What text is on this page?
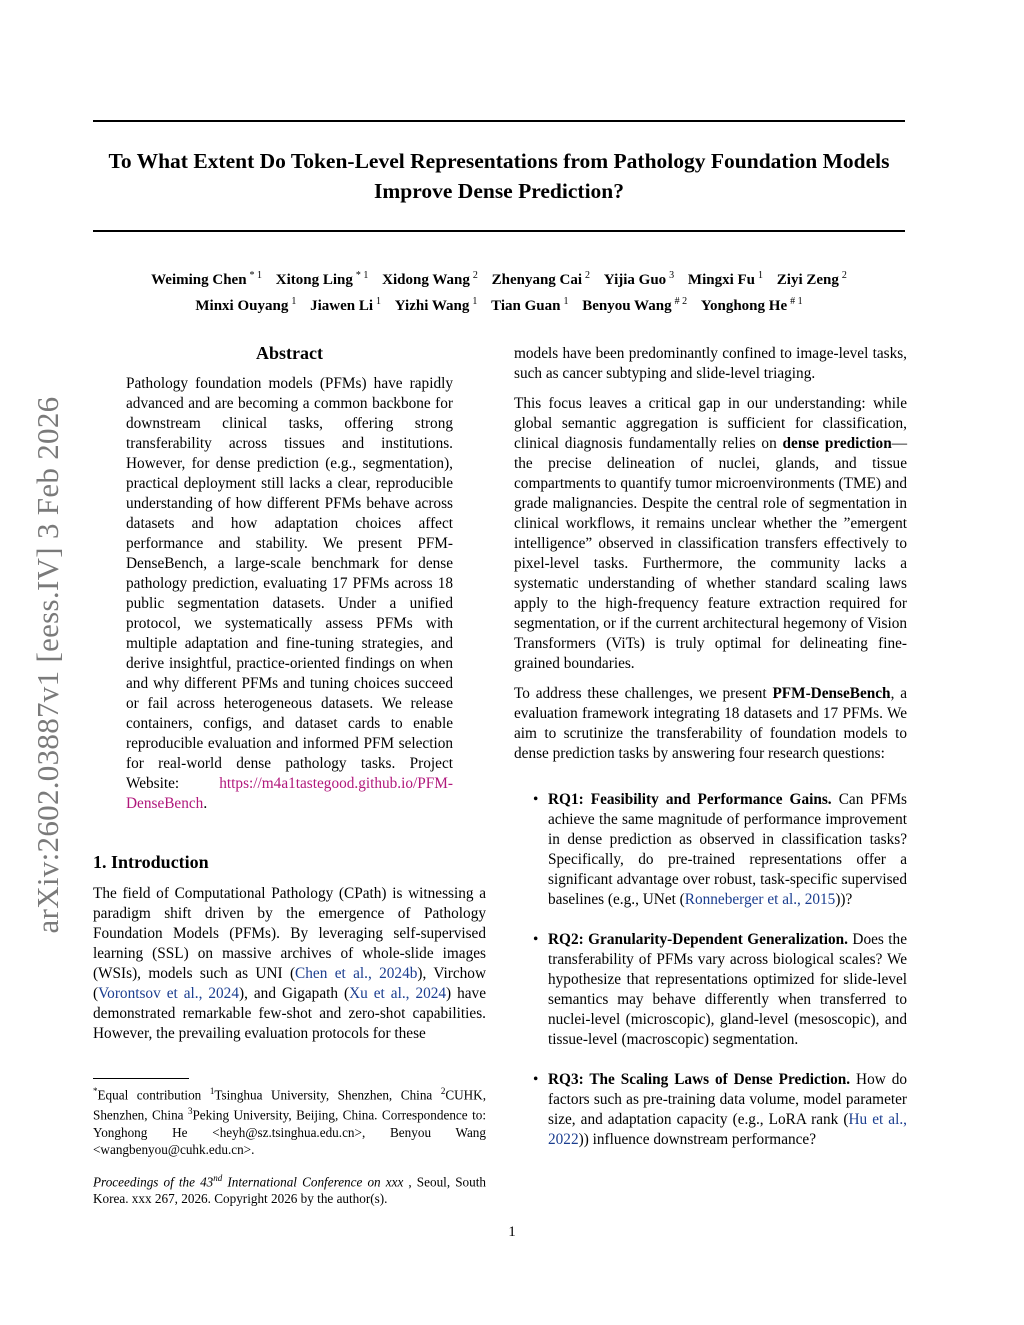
To What Extent Do Token-Level Representations from Pathology Foundation Models Improve Dense Prediction?
Weiming Chen $^{* 1}$ Xitong Ling $^{* 1}$ Xidong Wang $^2$ Zhenyang Cai $^2$ Yijia Guo $^3$ Mingxi Fu $^1$ Ziyi Zeng $^2$
Minxi Ouyang $^1$ Jiawen Li $^1$ Yizhi Wang $^1$ Tian Guan $^1$ Benyou Wang $^{\# 2}$ Yonghong He $^{\# 1}$
arXiv:2602.03887v1 [eess.IV] 3 Feb 2026
Abstract

Pathology foundation models (PFMs) have rapidly advanced and are becoming a common backbone for downstream clinical tasks, offering strong transferability across tissues and institutions. However, for dense prediction (e.g., segmentation), practical deployment still lacks a clear, reproducible understanding of how different PFMs behave across datasets and how adaptation choices affect performance and stability. We present PFM-DenseBench, a large-scale benchmark for dense pathology prediction, evaluating 17 PFMs across 18 public segmentation datasets. Under a unified protocol, we systematically assess PFMs with multiple adaptation and fine-tuning strategies, and derive insightful, practice-oriented findings on when and why different PFMs and tuning choices succeed or fail across heterogeneous datasets. We release containers, configs, and dataset cards to enable reproducible evaluation and informed PFM selection for real-world dense pathology tasks. Project Website: https://m4a1tastegood.github.io/PFM-DenseBench.

1. Introduction

The field of Computational Pathology (CPath) is witnessing a paradigm shift driven by the emergence of Pathology Foundation Models (PFMs). By leveraging self-supervised learning (SSL) on massive archives of whole-slide images (WSIs), models such as UNI (Chen et al., 2024b), Virchow (Vorontsov et al., 2024), and Gigapath (Xu et al., 2024) have demonstrated remarkable few-shot and zero-shot capabilities. However, the prevailing evaluation protocols for these

models have been predominantly confined to image-level tasks, such as cancer subtyping and slide-level triaging.

This focus leaves a critical gap in our understanding: while global semantic aggregation is sufficient for classification, clinical diagnosis fundamentally relies on dense prediction—the precise delineation of nuclei, glands, and tissue compartments to quantify tumor microenvironments (TME) and grade malignancies. Despite the central role of segmentation in clinical workflows, it remains unclear whether the ”emergent intelligence” observed in classification transfers effectively to pixel-level tasks. Furthermore, the community lacks a systematic understanding of whether standard scaling laws apply to the high-frequency feature extraction required for segmentation, or if the current architectural hegemony of Vision Transformers (ViTs) is truly optimal for delineating fine-grained boundaries.

To address these challenges, we present PFM-DenseBench, a evaluation framework integrating 18 datasets and 17 PFMs. We aim to scrutinize the transferability of foundation models to dense prediction tasks by answering four research questions:

• RQ1: Feasibility and Performance Gains. Can PFMs achieve the same magnitude of performance improvement in dense prediction as observed in classification tasks? Specifically, do pre-trained representations offer a significant advantage over robust, task-specific supervised baselines (e.g., UNet (Ronneberger et al., 2015))?
• RQ2: Granularity-Dependent Generalization. Does the transferability of PFMs vary across biological scales? We hypothesize that representations optimized for slide-level semantics may behave differently when transferred to nuclei-level (microscopic), gland-level (mesoscopic), and tissue-level (macroscopic) segmentation.
• RQ3: The Scaling Laws of Dense Prediction. How do factors such as pre-training data volume, model parameter size, and adaptation capacity (e.g., LoRA rank (Hu et al., 2022)) influence downstream performance?

*Equal contribution $^1$Tsinghua University, Shenzhen, China $^2$CUHK, Shenzhen, China $^3$Peking University, Beijing, China. Correspondence to: Yonghong He <heyh@sz.tsinghua.edu.cn>, Benyou Wang <wangbenyou@cuhk.edu.cn>.

Proceedings of the 43nd International Conference on xxx , Seoul, South Korea. xxx 267, 2026. Copyright 2026 by the author(s).

1
